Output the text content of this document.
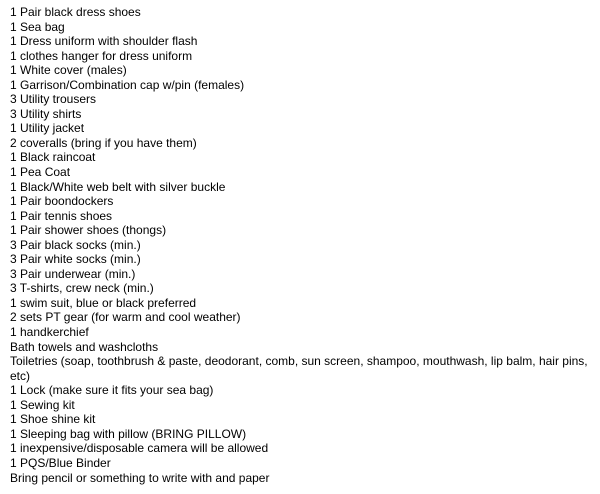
1 Pair black dress shoes
1 Sea bag
1 Dress uniform with shoulder flash
1 clothes hanger for dress uniform
1 White cover (males)
1 Garrison/Combination cap w/pin (females)
3 Utility trousers
3 Utility shirts
1 Utility jacket
2 coveralls (bring if you have them)
1 Black raincoat
1 Pea Coat
1 Black/White web belt with silver buckle
1 Pair boondockers
1 Pair tennis shoes
1 Pair shower shoes (thongs)
3 Pair black socks (min.)
3 Pair white socks (min.)
3 Pair underwear (min.)
3 T-shirts, crew neck (min.)
1 swim suit, blue or black preferred
2 sets PT gear (for warm and cool weather)
1 handkerchief
Bath towels and washcloths
Toiletries (soap, toothbrush & paste, deodorant, comb, sun screen, shampoo, mouthwash, lip balm, hair pins, etc)
1 Lock (make sure it fits your sea bag)
1 Sewing kit
1 Shoe shine kit
1 Sleeping bag with pillow (BRING PILLOW)
1 inexpensive/disposable camera will be allowed
1 PQS/Blue Binder
Bring pencil or something to write with and paper
